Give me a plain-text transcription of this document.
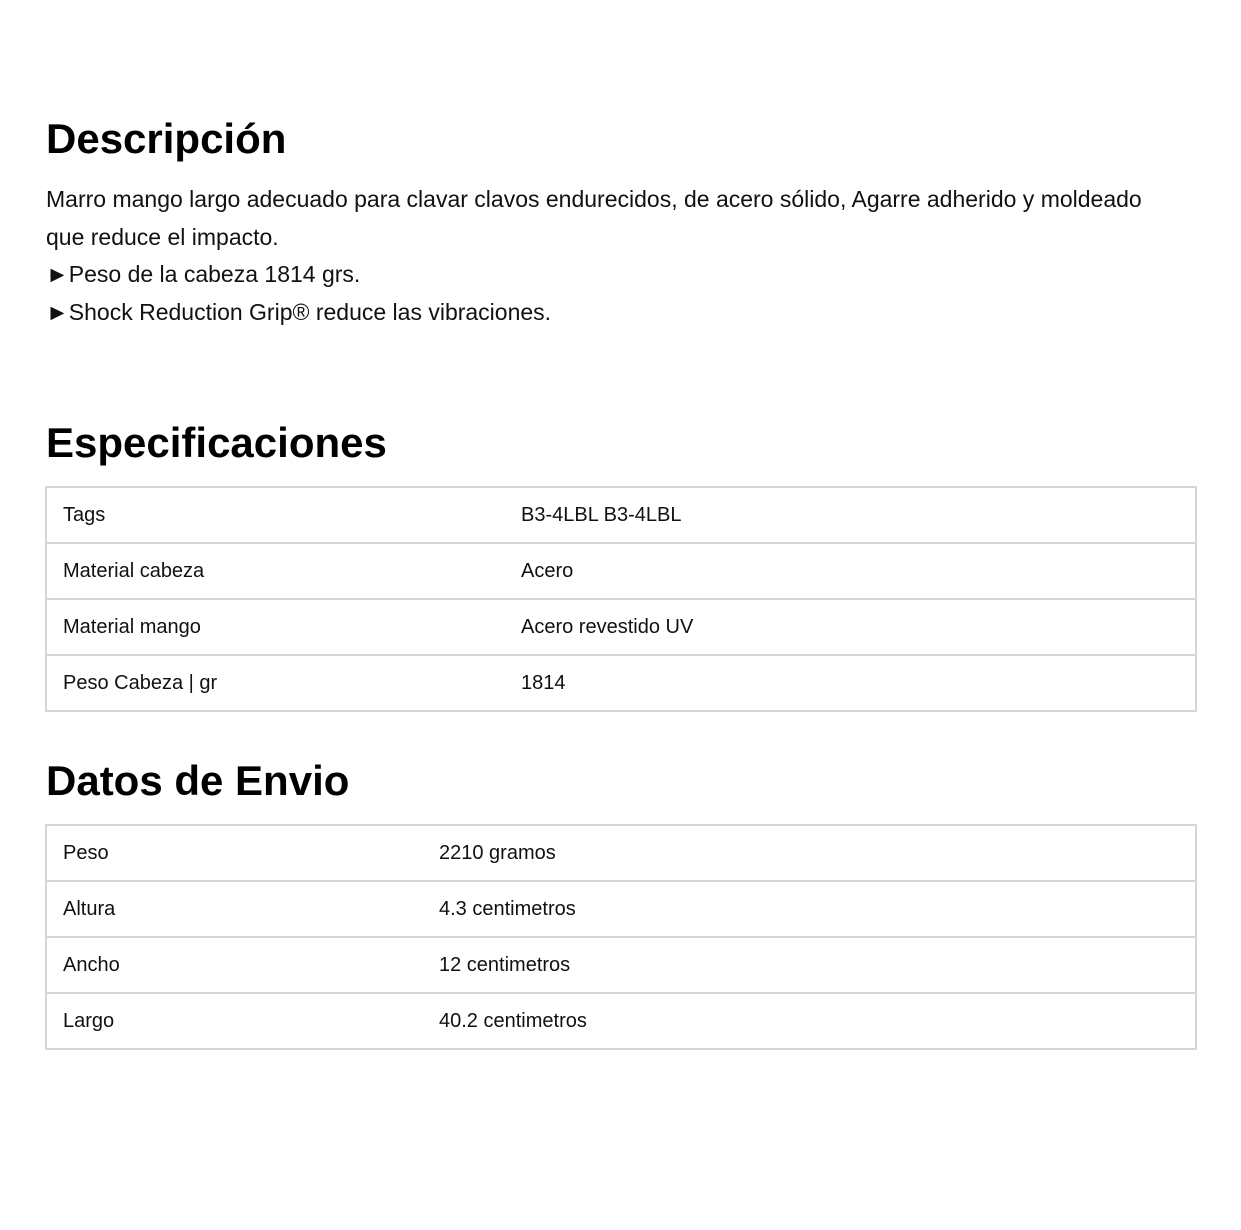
Descripción

Marro mango largo adecuado para clavar clavos endurecidos, de acero sólido, Agarre adherido y moldeado que reduce el impacto.

►Peso de la cabeza 1814 grs.

►Shock Reduction Grip® reduce las vibraciones.

Especificaciones
Tags	B3-4LBL B3-4LBL
Material cabeza	Acero
Material mango	Acero revestido UV
Peso Cabeza | gr	1814
Datos de Envio
Peso	2210 gramos
Altura	4.3 centimetros
Ancho	12 centimetros
Largo	40.2 centimetros
